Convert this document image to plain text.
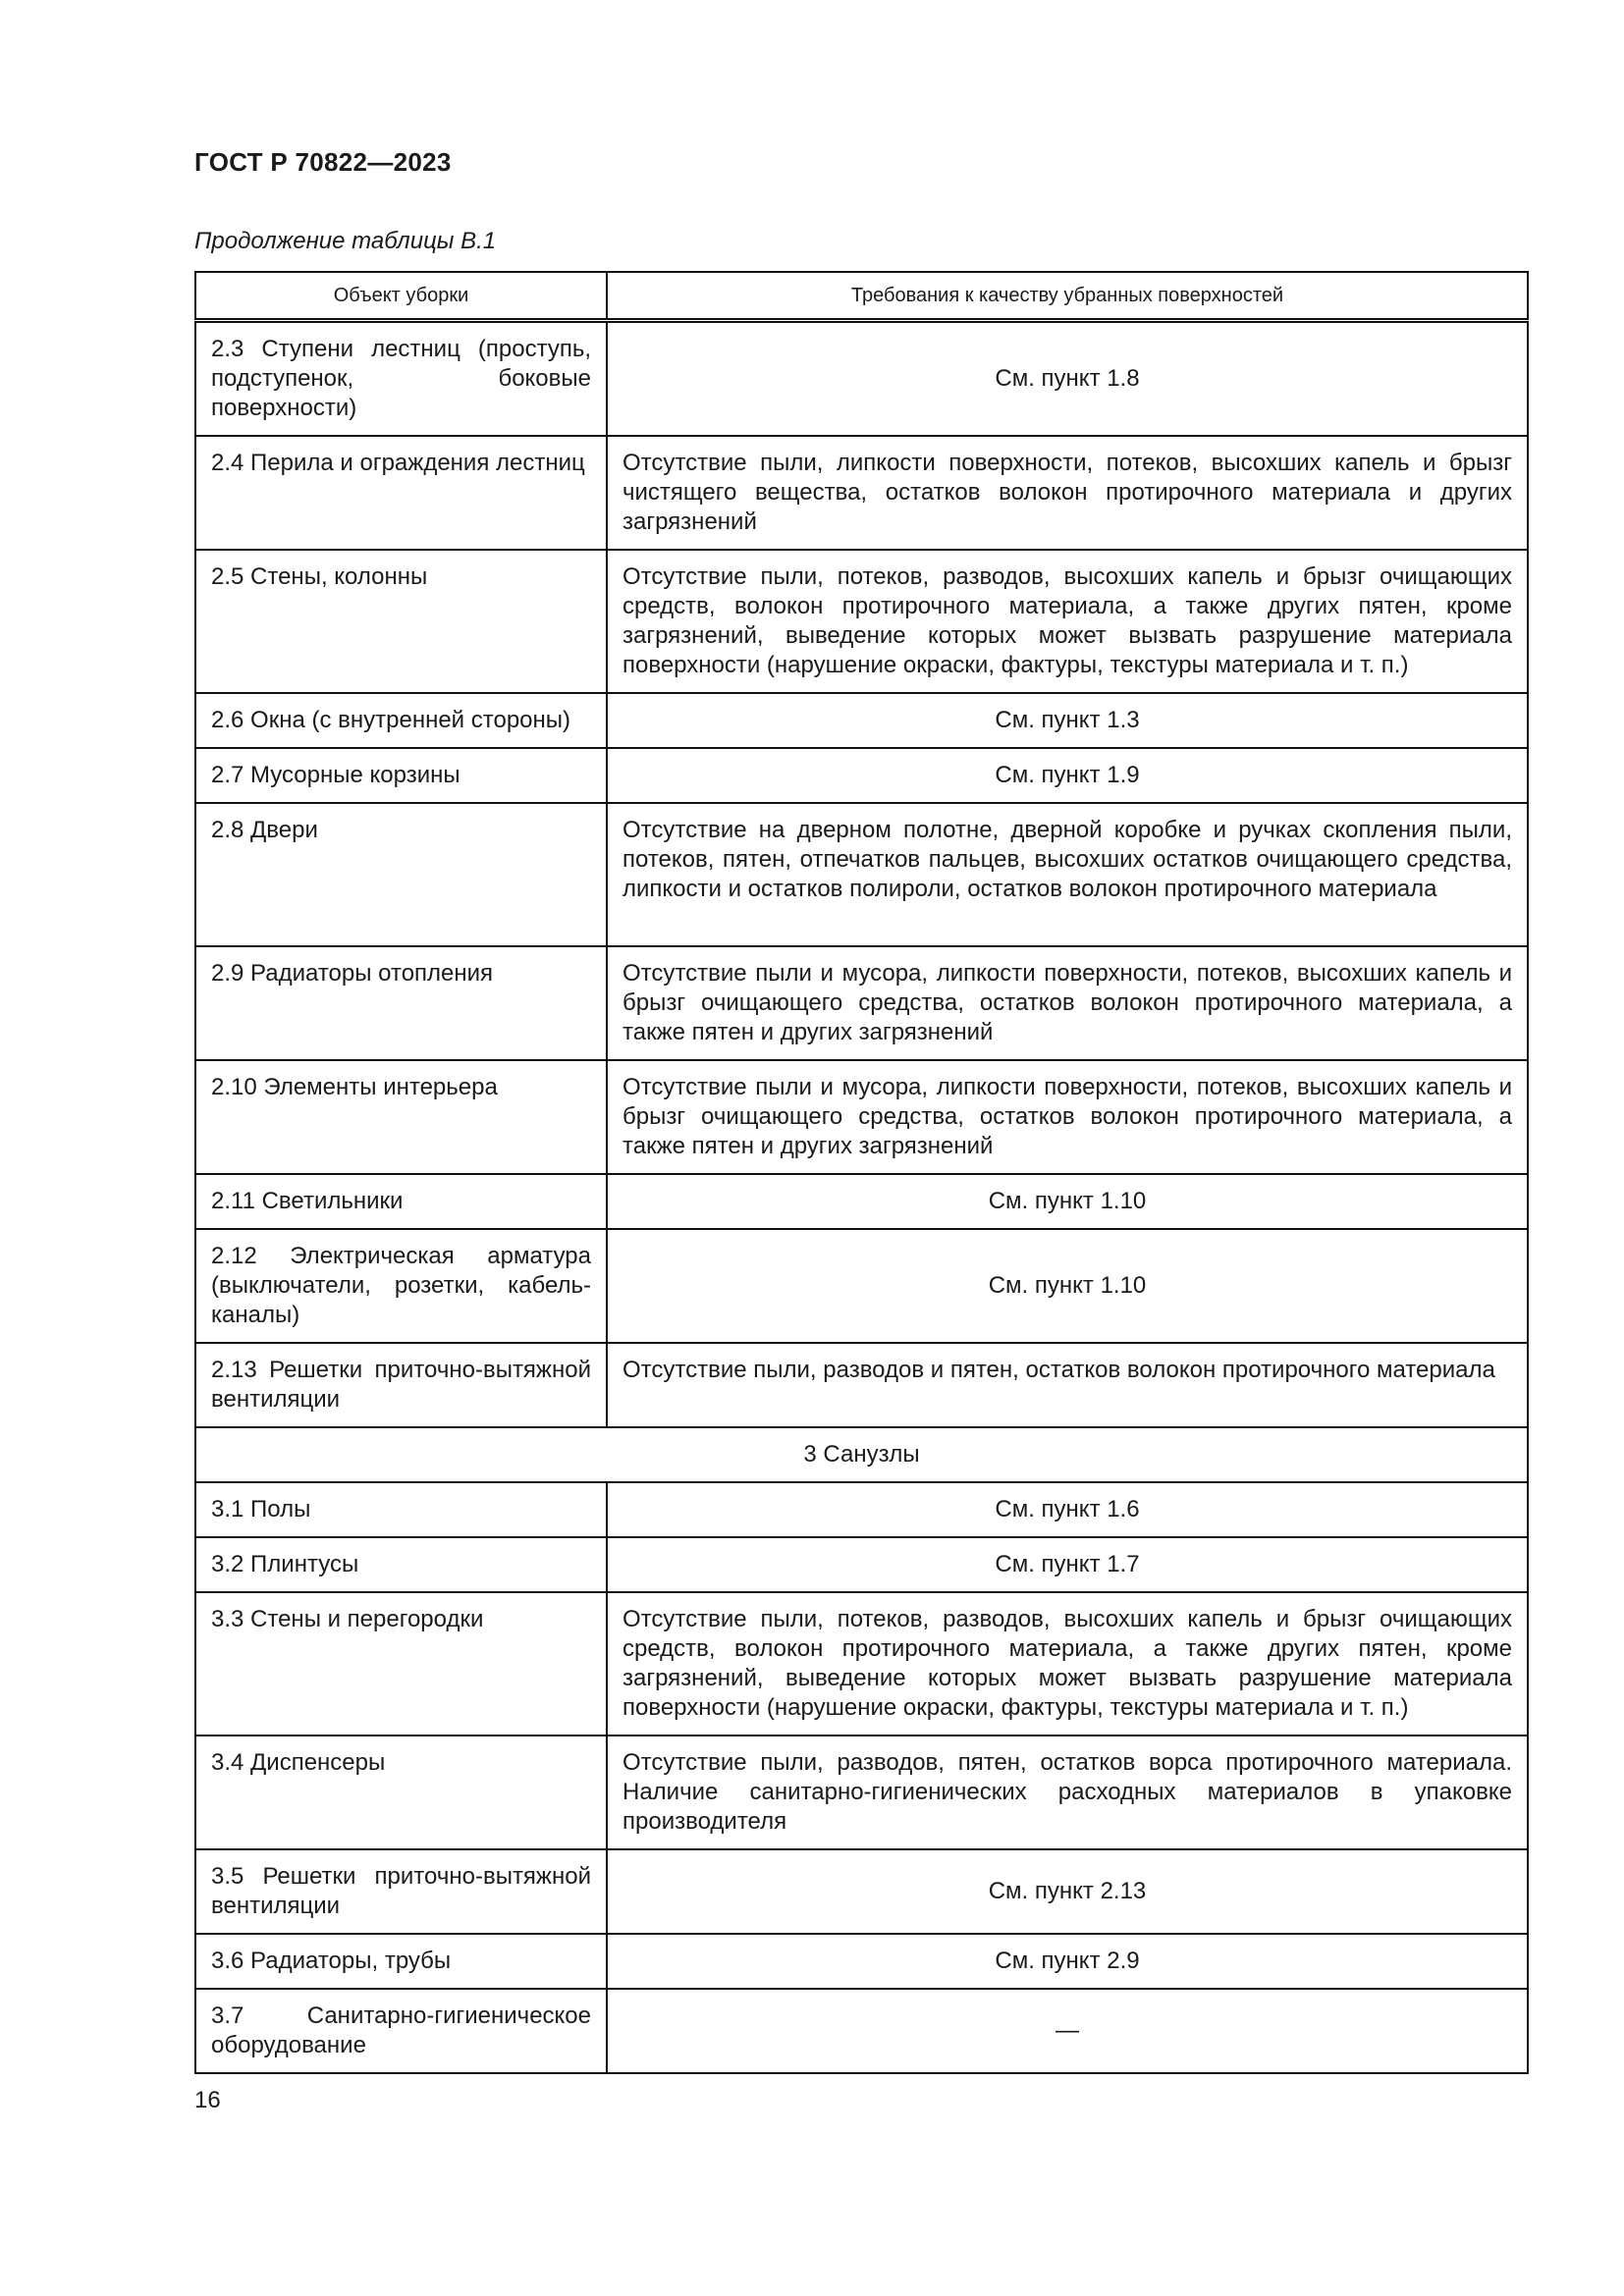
ГОСТ Р 70822—2023
Продолжение таблицы В.1
Объект уборки	Требования к качеству убранных поверхностей
2.3 Ступени лестниц (проступь, подступенок, боковые поверхности)	См. пункт 1.8
2.4 Перила и ограждения лестниц	Отсутствие пыли, липкости поверхности, потеков, высохших капель и брызг чистящего вещества, остатков волокон протирочного материала и других загрязнений
2.5 Стены, колонны	Отсутствие пыли, потеков, разводов, высохших капель и брызг очищающих средств, волокон протирочного материала, а также других пятен, кроме загрязнений, выведение которых может вызвать разрушение материала поверхности (нарушение окраски, фактуры, текстуры материала и т. п.)
2.6 Окна (с внутренней стороны)	См. пункт 1.3
2.7 Мусорные корзины	См. пункт 1.9
2.8 Двери	Отсутствие на дверном полотне, дверной коробке и ручках скопления пыли, потеков, пятен, отпечатков пальцев, высохших остатков очищающего средства, липкости и остатков полироли, остатков волокон протирочного материала
2.9 Радиаторы отопления	Отсутствие пыли и мусора, липкости поверхности, потеков, высохших капель и брызг очищающего средства, остатков волокон протирочного материала, а также пятен и других загрязнений
2.10 Элементы интерьера	Отсутствие пыли и мусора, липкости поверхности, потеков, высохших капель и брызг очищающего средства, остатков волокон протирочного материала, а также пятен и других загрязнений
2.11 Светильники	См. пункт 1.10
2.12 Электрическая арматура (выключатели, розетки, кабель-каналы)	См. пункт 1.10
2.13 Решетки приточно-вытяжной вентиляции	Отсутствие пыли, разводов и пятен, остатков волокон протирочного материала
3 Санузлы	
3.1 Полы	См. пункт 1.6
3.2 Плинтусы	См. пункт 1.7
3.3 Стены и перегородки	Отсутствие пыли, потеков, разводов, высохших капель и брызг очищающих средств, волокон протирочного материала, а также других пятен, кроме загрязнений, выведение которых может вызвать разрушение материала поверхности (нарушение окраски, фактуры, текстуры материала и т. п.)
3.4 Диспенсеры	Отсутствие пыли, разводов, пятен, остатков ворса протирочного материала. Наличие санитарно-гигиенических расходных материалов в упаковке производителя
3.5 Решетки приточно-вытяжной вентиляции	См. пункт 2.13
3.6 Радиаторы, трубы	См. пункт 2.9
3.7 Санитарно-гигиеническое оборудование	—
16
